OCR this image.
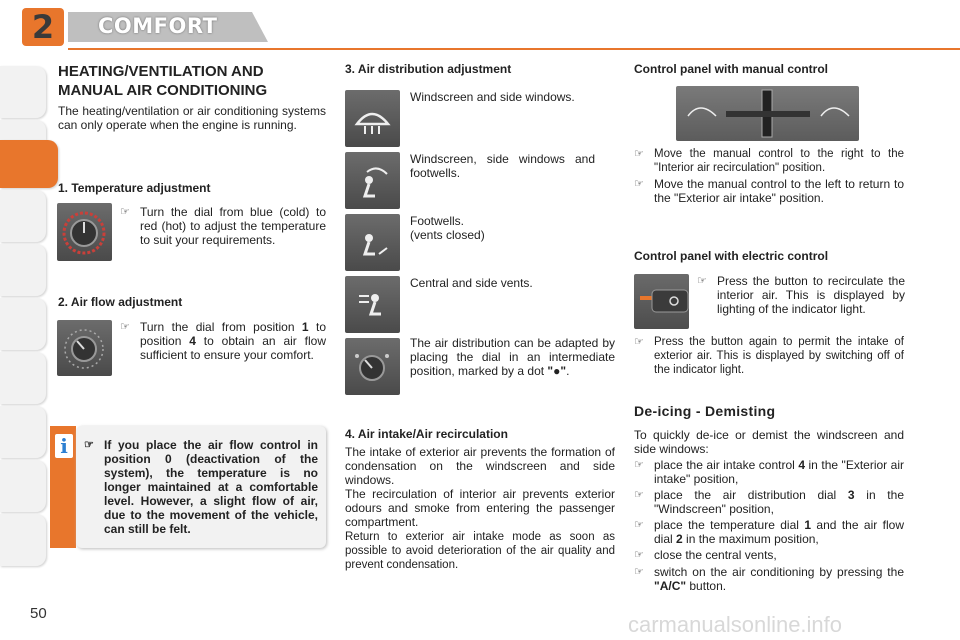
2	COMFORT
HEATING/VENTILATION AND
MANUAL AIR CONDITIONING
The heating/ventilation or air conditioning systems can only operate when the engine is running.
1. Temperature adjustment
☞ Turn the dial from blue (cold) to red (hot) to adjust the temperature to suit your requirements.
2. Air flow adjustment
☞ Turn the dial from position 1 to position 4 to obtain an air flow sufficient to ensure your comfort.
i	☞ If you place the air flow control in position 0 (deactivation of the system), the temperature is no longer maintained at a comfortable level. However, a slight flow of air, due to the movement of the vehicle, can still be felt.
3. Air distribution adjustment
Windscreen and side windows.
Windscreen, side windows and footwells.
Footwells.
(vents closed)
Central and side vents.
The air distribution can be adapted by placing the dial in an intermediate position, marked by a dot "●".
4. Air intake/Air recirculation
The intake of exterior air prevents the formation of condensation on the windscreen and side windows.
The recirculation of interior air prevents exterior odours and smoke from entering the passenger compartment.
Return to exterior air intake mode as soon as possible to avoid deterioration of the air quality and prevent condensation.
Control panel with manual control
☞ Move the manual control to the right to the "Interior air recirculation" position.
☞ Move the manual control to the left to return to the "Exterior air intake" position.
Control panel with electric control
☞ Press the button to recirculate the interior air. This is displayed by lighting of the indicator light.
☞ Press the button again to permit the intake of exterior air. This is displayed by switching off of the indicator light.
De-icing - Demisting
To quickly de-ice or demist the windscreen and side windows:
☞ place the air intake control 4 in the "Exterior air intake" position,
☞ place the air distribution dial 3 in the "Windscreen" position,
☞ place the temperature dial 1 and the air flow dial 2 in the maximum position,
☞ close the central vents,
☞ switch on the air conditioning by pressing the "A/C" button.
50	carmanualsonline.info
